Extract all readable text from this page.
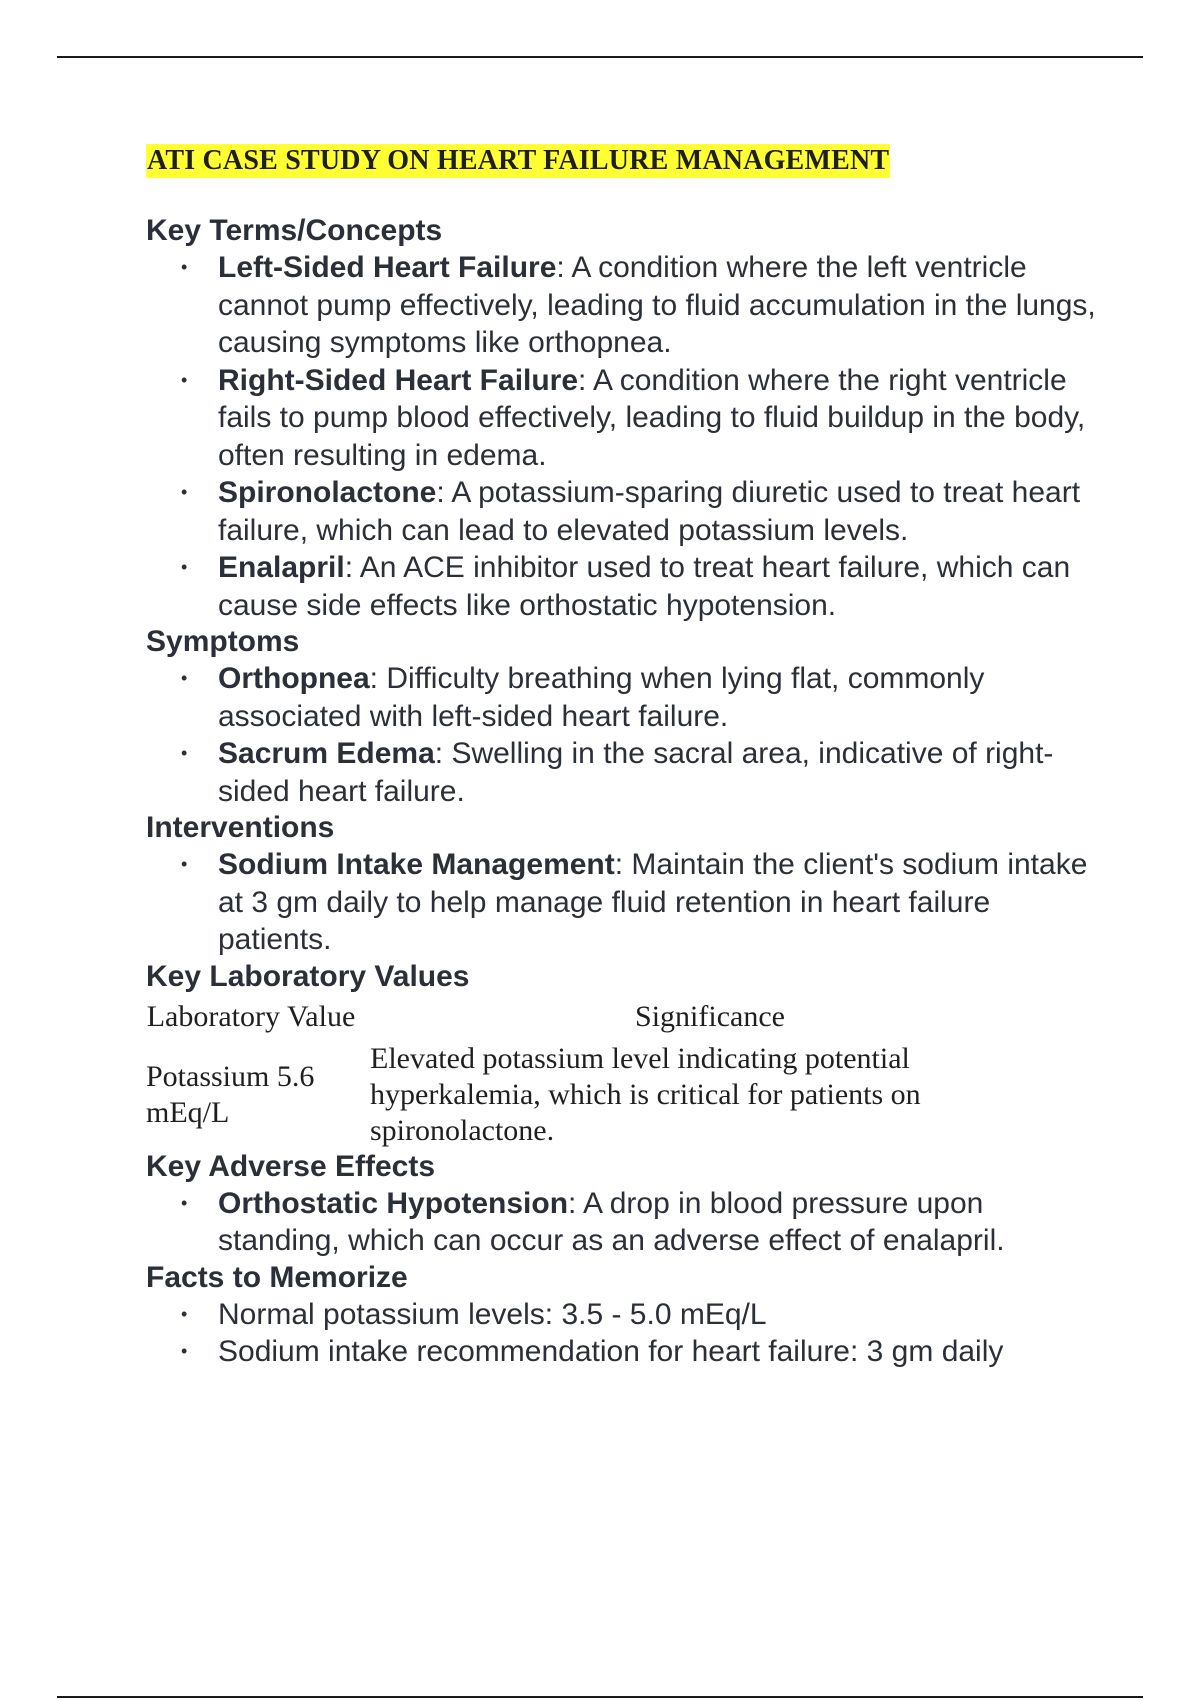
ATI CASE STUDY ON HEART FAILURE MANAGEMENT
Key Terms/Concepts
• Left-Sided Heart Failure: A condition where the left ventricle cannot pump effectively, leading to fluid accumulation in the lungs, causing symptoms like orthopnea.
• Right-Sided Heart Failure: A condition where the right ventricle fails to pump blood effectively, leading to fluid buildup in the body, often resulting in edema.
• Spironolactone: A potassium-sparing diuretic used to treat heart failure, which can lead to elevated potassium levels.
• Enalapril: An ACE inhibitor used to treat heart failure, which can cause side effects like orthostatic hypotension.
Symptoms
• Orthopnea: Difficulty breathing when lying flat, commonly associated with left-sided heart failure.
• Sacrum Edema: Swelling in the sacral area, indicative of right-sided heart failure.
Interventions
• Sodium Intake Management: Maintain the client's sodium intake at 3 gm daily to help manage fluid retention in heart failure patients.
Key Laboratory Values
Laboratory Value	Significance
Potassium 5.6 mEq/L	Elevated potassium level indicating potential hyperkalemia, which is critical for patients on spironolactone.
Key Adverse Effects
• Orthostatic Hypotension: A drop in blood pressure upon standing, which can occur as an adverse effect of enalapril.
Facts to Memorize
• Normal potassium levels: 3.5 - 5.0 mEq/L
• Sodium intake recommendation for heart failure: 3 gm daily
